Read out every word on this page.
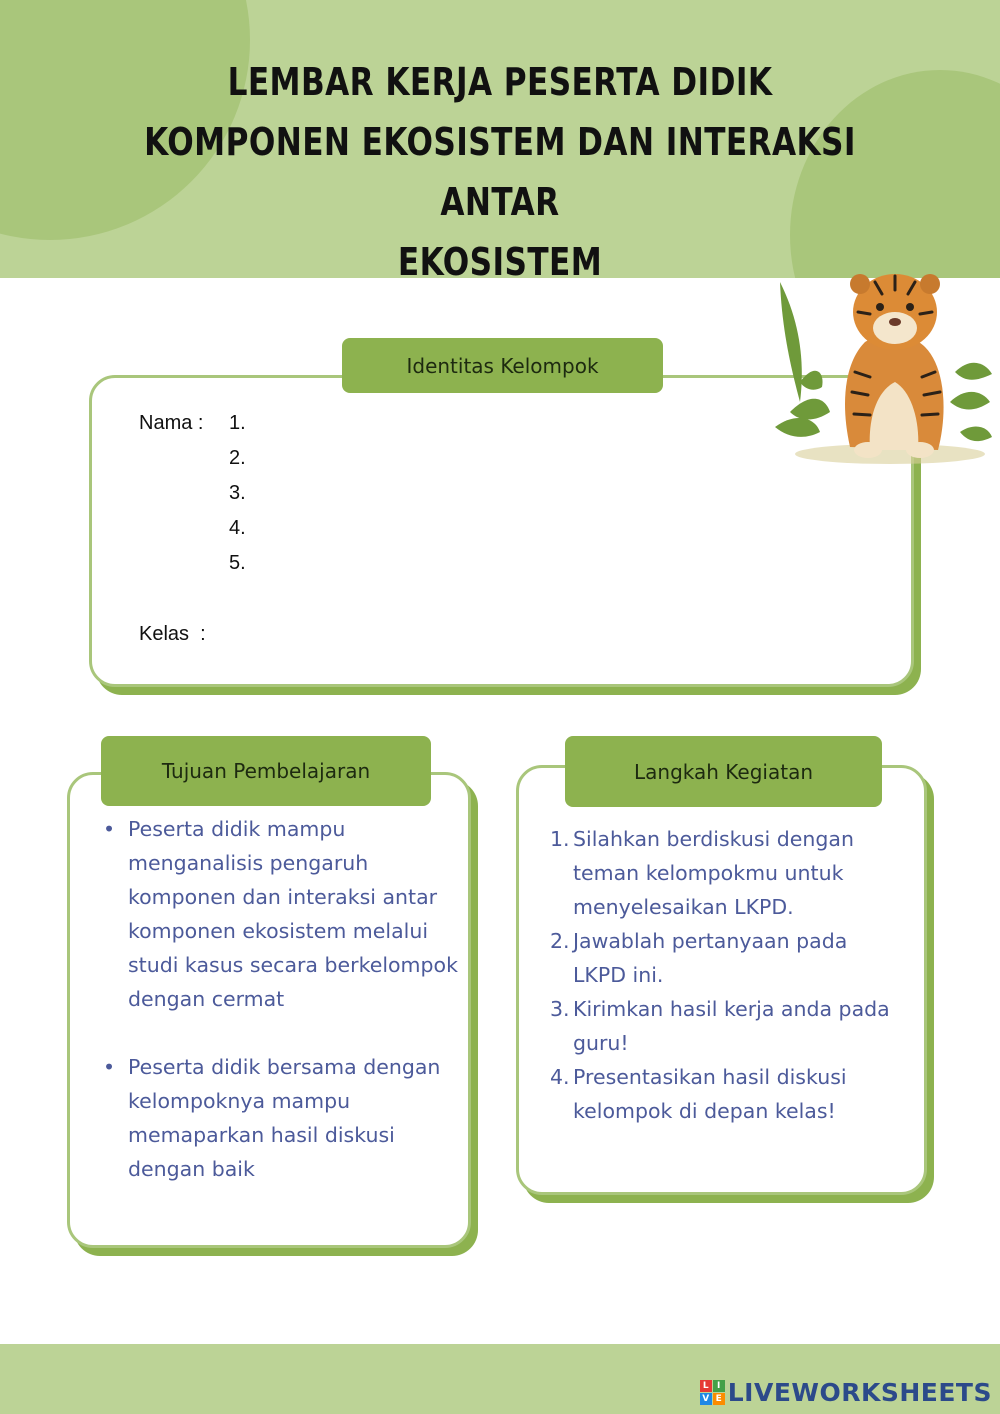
LEMBAR KERJA PESERTA DIDIK
KOMPONEN EKOSISTEM DAN INTERAKSI ANTAR
EKOSISTEM
Identitas Kelompok
Nama : 1.
2.
3.
4.
5.
Kelas  :
Tujuan Pembelajaran
• Peserta didik mampu menganalisis pengaruh komponen dan interaksi antar komponen ekosistem melalui studi kasus secara berkelompok dengan cermat
• Peserta didik bersama dengan kelompoknya mampu memaparkan hasil diskusi dengan baik
Langkah Kegiatan
1. Silahkan berdiskusi dengan teman kelompokmu untuk menyelesaikan LKPD.
2. Jawablah pertanyaan pada LKPD ini.
3. Kirimkan hasil kerja anda pada guru!
4. Presentasikan hasil diskusi kelompok di depan kelas!
L I
V E LIVEWORKSHEETS
